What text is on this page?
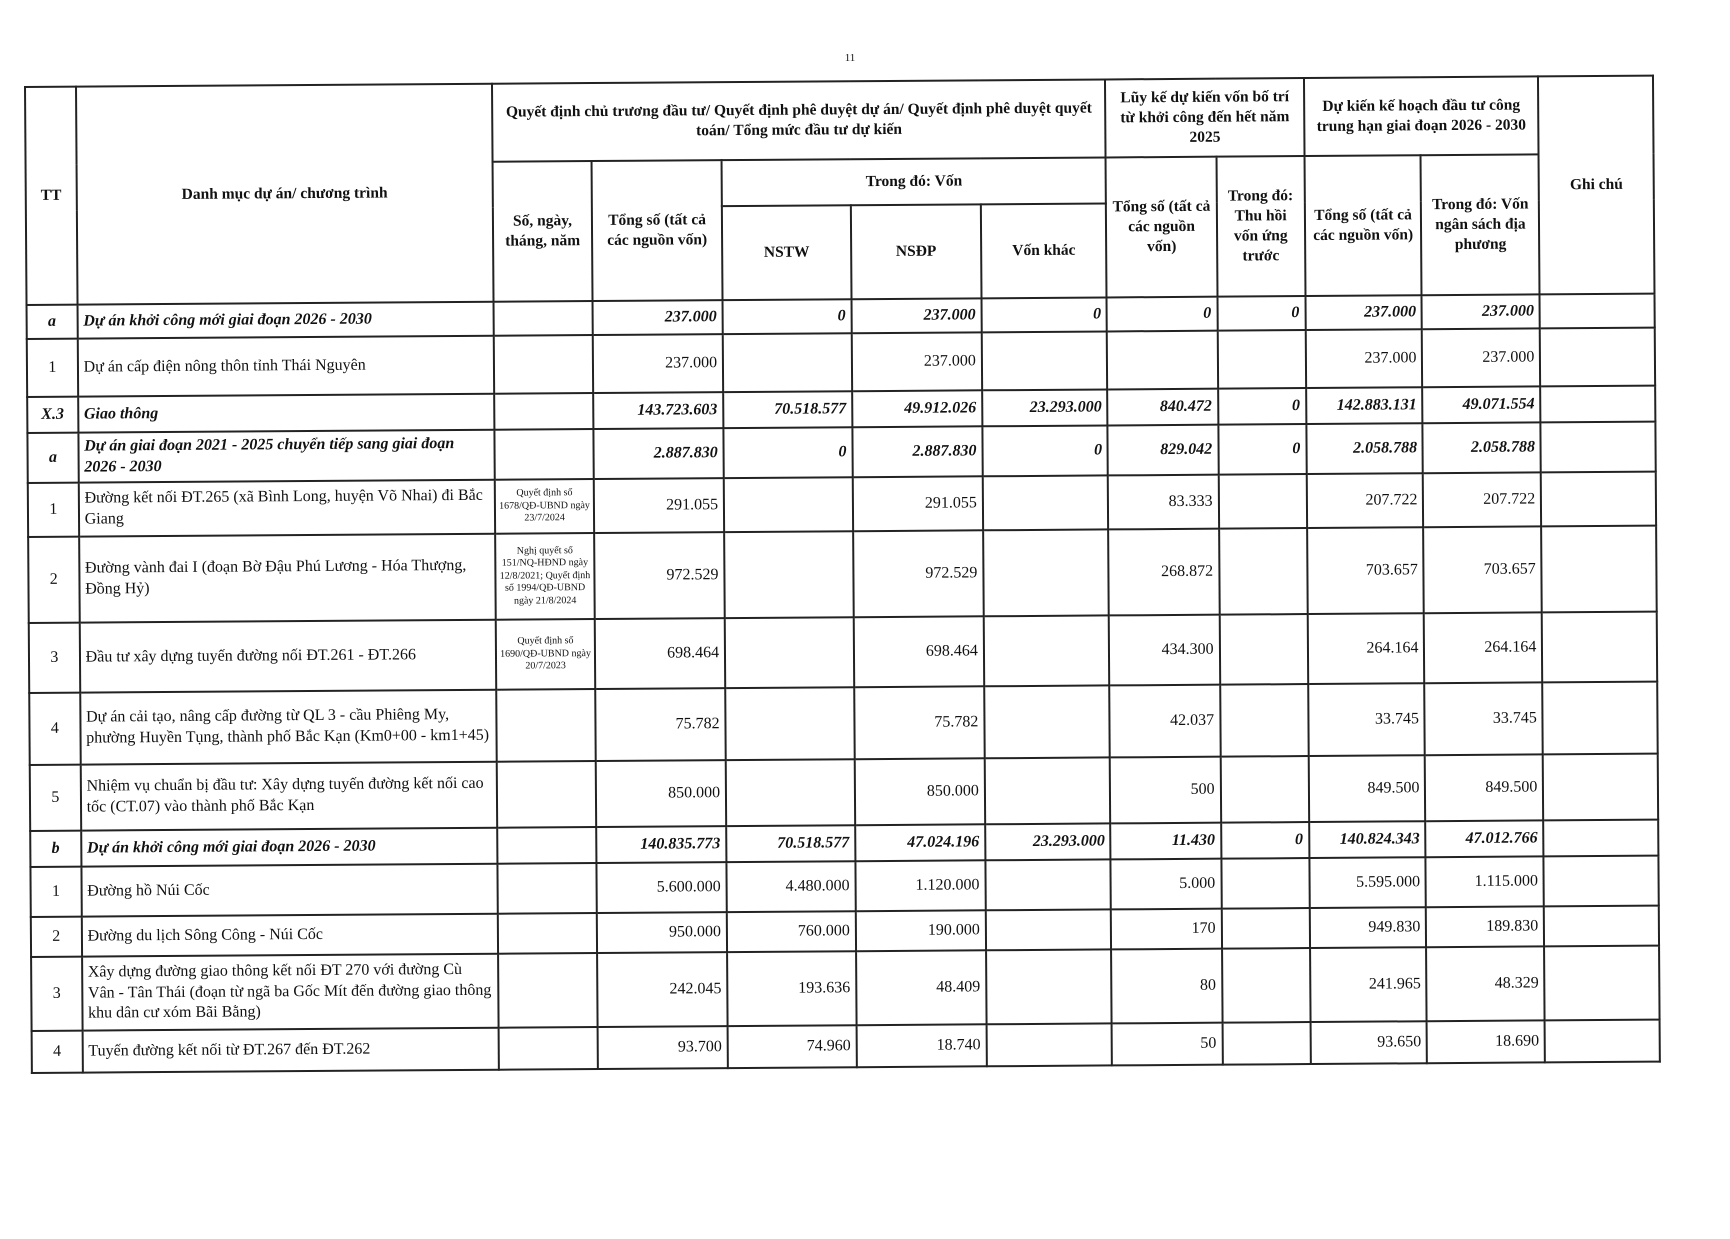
11
TT	Danh mục dự án/ chương trình	Quyết định chủ trương đầu tư/ Quyết định phê duyệt dự án/ Quyết định phê duyệt quyết toán/ Tổng mức đầu tư dự kiến					Lũy kế dự kiến vốn bố trí từ khởi công đến hết năm 2025		Dự kiến kế hoạch đầu tư công trung hạn giai đoạn 2026 - 2030		Ghi chú
		Số, ngày, tháng, năm	Tổng số (tất cả các nguồn vốn)	Trong đó: Vốn			Tổng số (tất cả các nguồn vốn)	Trong đó: Thu hồi vốn ứng trước	Tổng số (tất cả các nguồn vốn)	Trong đó: Vốn ngân sách địa phương	
				NSTW	NSĐP	Vốn khác					
a	Dự án khởi công mới giai đoạn 2026 - 2030		237.000	0	237.000	0	0	0	237.000	237.000	
1	Dự án cấp điện nông thôn tỉnh Thái Nguyên		237.000		237.000				237.000	237.000	
X.3	Giao thông		143.723.603	70.518.577	49.912.026	23.293.000	840.472	0	142.883.131	49.071.554	
a	Dự án giai đoạn 2021 - 2025 chuyển tiếp sang giai đoạn 2026 - 2030		2.887.830	0	2.887.830	0	829.042	0	2.058.788	2.058.788	
1	Đường kết nối ĐT.265 (xã Bình Long, huyện Võ Nhai) đi Bắc Giang	Quyết định số 1678/QĐ-UBND ngày 23/7/2024	291.055		291.055		83.333		207.722	207.722	
2	Đường vành đai I (đoạn Bờ Đậu Phú Lương - Hóa Thượng, Đồng Hỷ)	Nghị quyết số 151/NQ-HĐND ngày 12/8/2021; Quyết định số 1994/QĐ-UBND ngày 21/8/2024	972.529		972.529		268.872		703.657	703.657	
3	Đầu tư xây dựng tuyến đường nối ĐT.261 - ĐT.266	Quyết định số 1690/QĐ-UBND ngày 20/7/2023	698.464		698.464		434.300		264.164	264.164	
4	Dự án cải tạo, nâng cấp đường từ QL 3 - cầu Phiêng My, phường Huyền Tụng, thành phố Bắc Kạn (Km0+00 - km1+45)		75.782		75.782		42.037		33.745	33.745	
5	Nhiệm vụ chuẩn bị đầu tư: Xây dựng tuyến đường kết nối cao tốc (CT.07) vào thành phố Bắc Kạn		850.000		850.000		500		849.500	849.500	
b	Dự án khởi công mới giai đoạn 2026 - 2030		140.835.773	70.518.577	47.024.196	23.293.000	11.430	0	140.824.343	47.012.766	
1	Đường hồ Núi Cốc		5.600.000	4.480.000	1.120.000		5.000		5.595.000	1.115.000	
2	Đường du lịch Sông Công - Núi Cốc		950.000	760.000	190.000		170		949.830	189.830	
3	Xây dựng đường giao thông kết nối ĐT 270 với đường Cù Vân - Tân Thái (đoạn từ ngã ba Gốc Mít đến đường giao thông khu dân cư xóm Bãi Bằng)		242.045	193.636	48.409		80		241.965	48.329	
4	Tuyến đường kết nối từ ĐT.267 đến ĐT.262		93.700	74.960	18.740		50		93.650	18.690	
